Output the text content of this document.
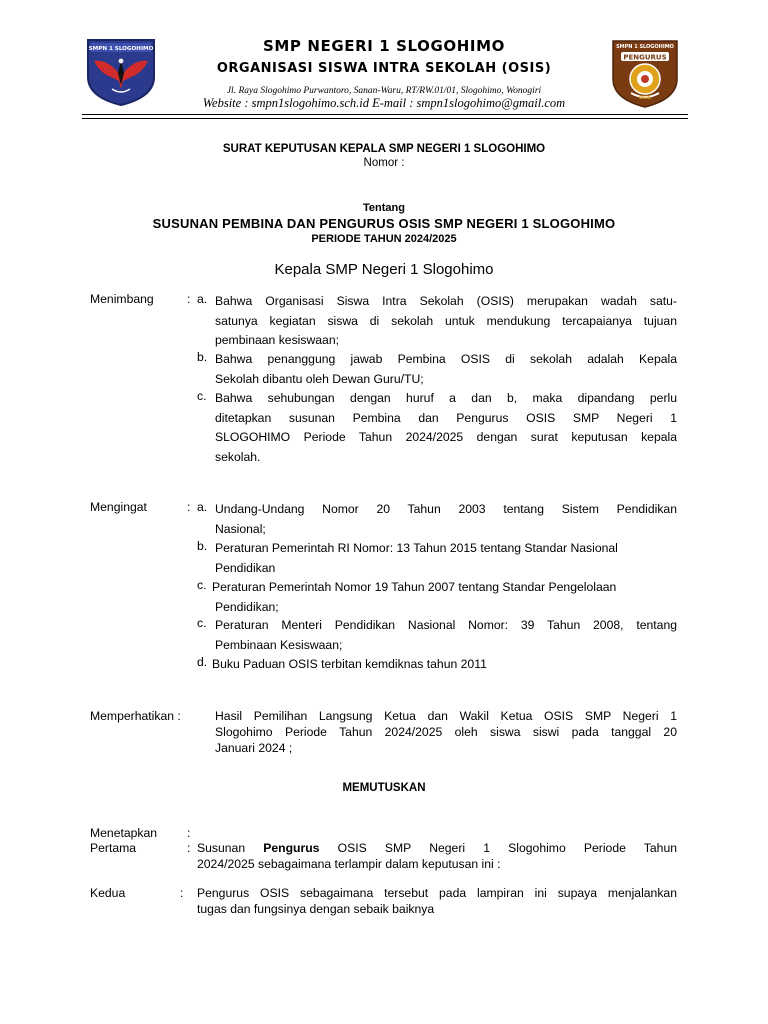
SMPN 1 SLOGOHIMO	SMPN 1 SLOGOHIMO
PENGURUS
OSIS
SMP NEGERI 1 SLOGOHIMO
ORGANISASI SISWA INTRA SEKOLAH (OSIS)
Jl. Raya Slogohimo Purwantoro, Sanan-Waru, RT/RW.01/01, Slogohimo, Wonogiri
Website : smpn1slogohimo.sch.id E-mail : smpn1slogohimo@gmail.com
SURAT KEPUTUSAN KEPALA SMP NEGERI 1 SLOGOHIMO
Nomor :
Tentang
SUSUNAN PEMBINA DAN PENGURUS OSIS SMP NEGERI 1 SLOGOHIMO
PERIODE TAHUN 2024/2025
Kepala SMP Negeri 1 Slogohimo
Menimbang	: a. Bahwa Organisasi Siswa Intra Sekolah (OSIS) merupakan wadah satu-
satunya kegiatan siswa di sekolah untuk mendukung tercapaianya tujuan
pembinaan kesiswaan;
b. Bahwa penanggung jawab Pembina OSIS di sekolah adalah Kepala
Sekolah dibantu oleh Dewan Guru/TU;
c. Bahwa sehubungan dengan huruf a dan b, maka dipandang perlu
ditetapkan susunan Pembina dan Pengurus OSIS SMP Negeri 1
SLOGOHIMO Periode Tahun 2024/2025 dengan surat keputusan kepala
sekolah.
Mengingat	: a. Undang-Undang Nomor 20 Tahun 2003 tentang Sistem Pendidikan
Nasional;
b. Peraturan Pemerintah RI Nomor: 13 Tahun 2015 tentang Standar Nasional
Pendidikan
c. Peraturan Pemerintah Nomor 19 Tahun 2007 tentang Standar Pengelolaan
Pendidikan;
c. Peraturan Menteri Pendidikan Nasional Nomor: 39 Tahun 2008, tentang
Pembinaan Kesiswaan;
d. Buku Paduan OSIS terbitan kemdiknas tahun 2011
Memperhatikan :	Hasil Pemilihan Langsung Ketua dan Wakil Ketua OSIS SMP Negeri 1
Slogohimo Periode Tahun 2024/2025 oleh siswa siswi pada tanggal 20
Januari 2024 ;
MEMUTUSKAN
Menetapkan :
Pertama	: Susunan Pengurus OSIS SMP Negeri 1 Slogohimo Periode Tahun
2024/2025 sebagaimana terlampir dalam keputusan ini :
Kedua	: Pengurus OSIS sebagaimana tersebut pada lampiran ini supaya menjalankan
tugas dan fungsinya dengan sebaik baiknya
